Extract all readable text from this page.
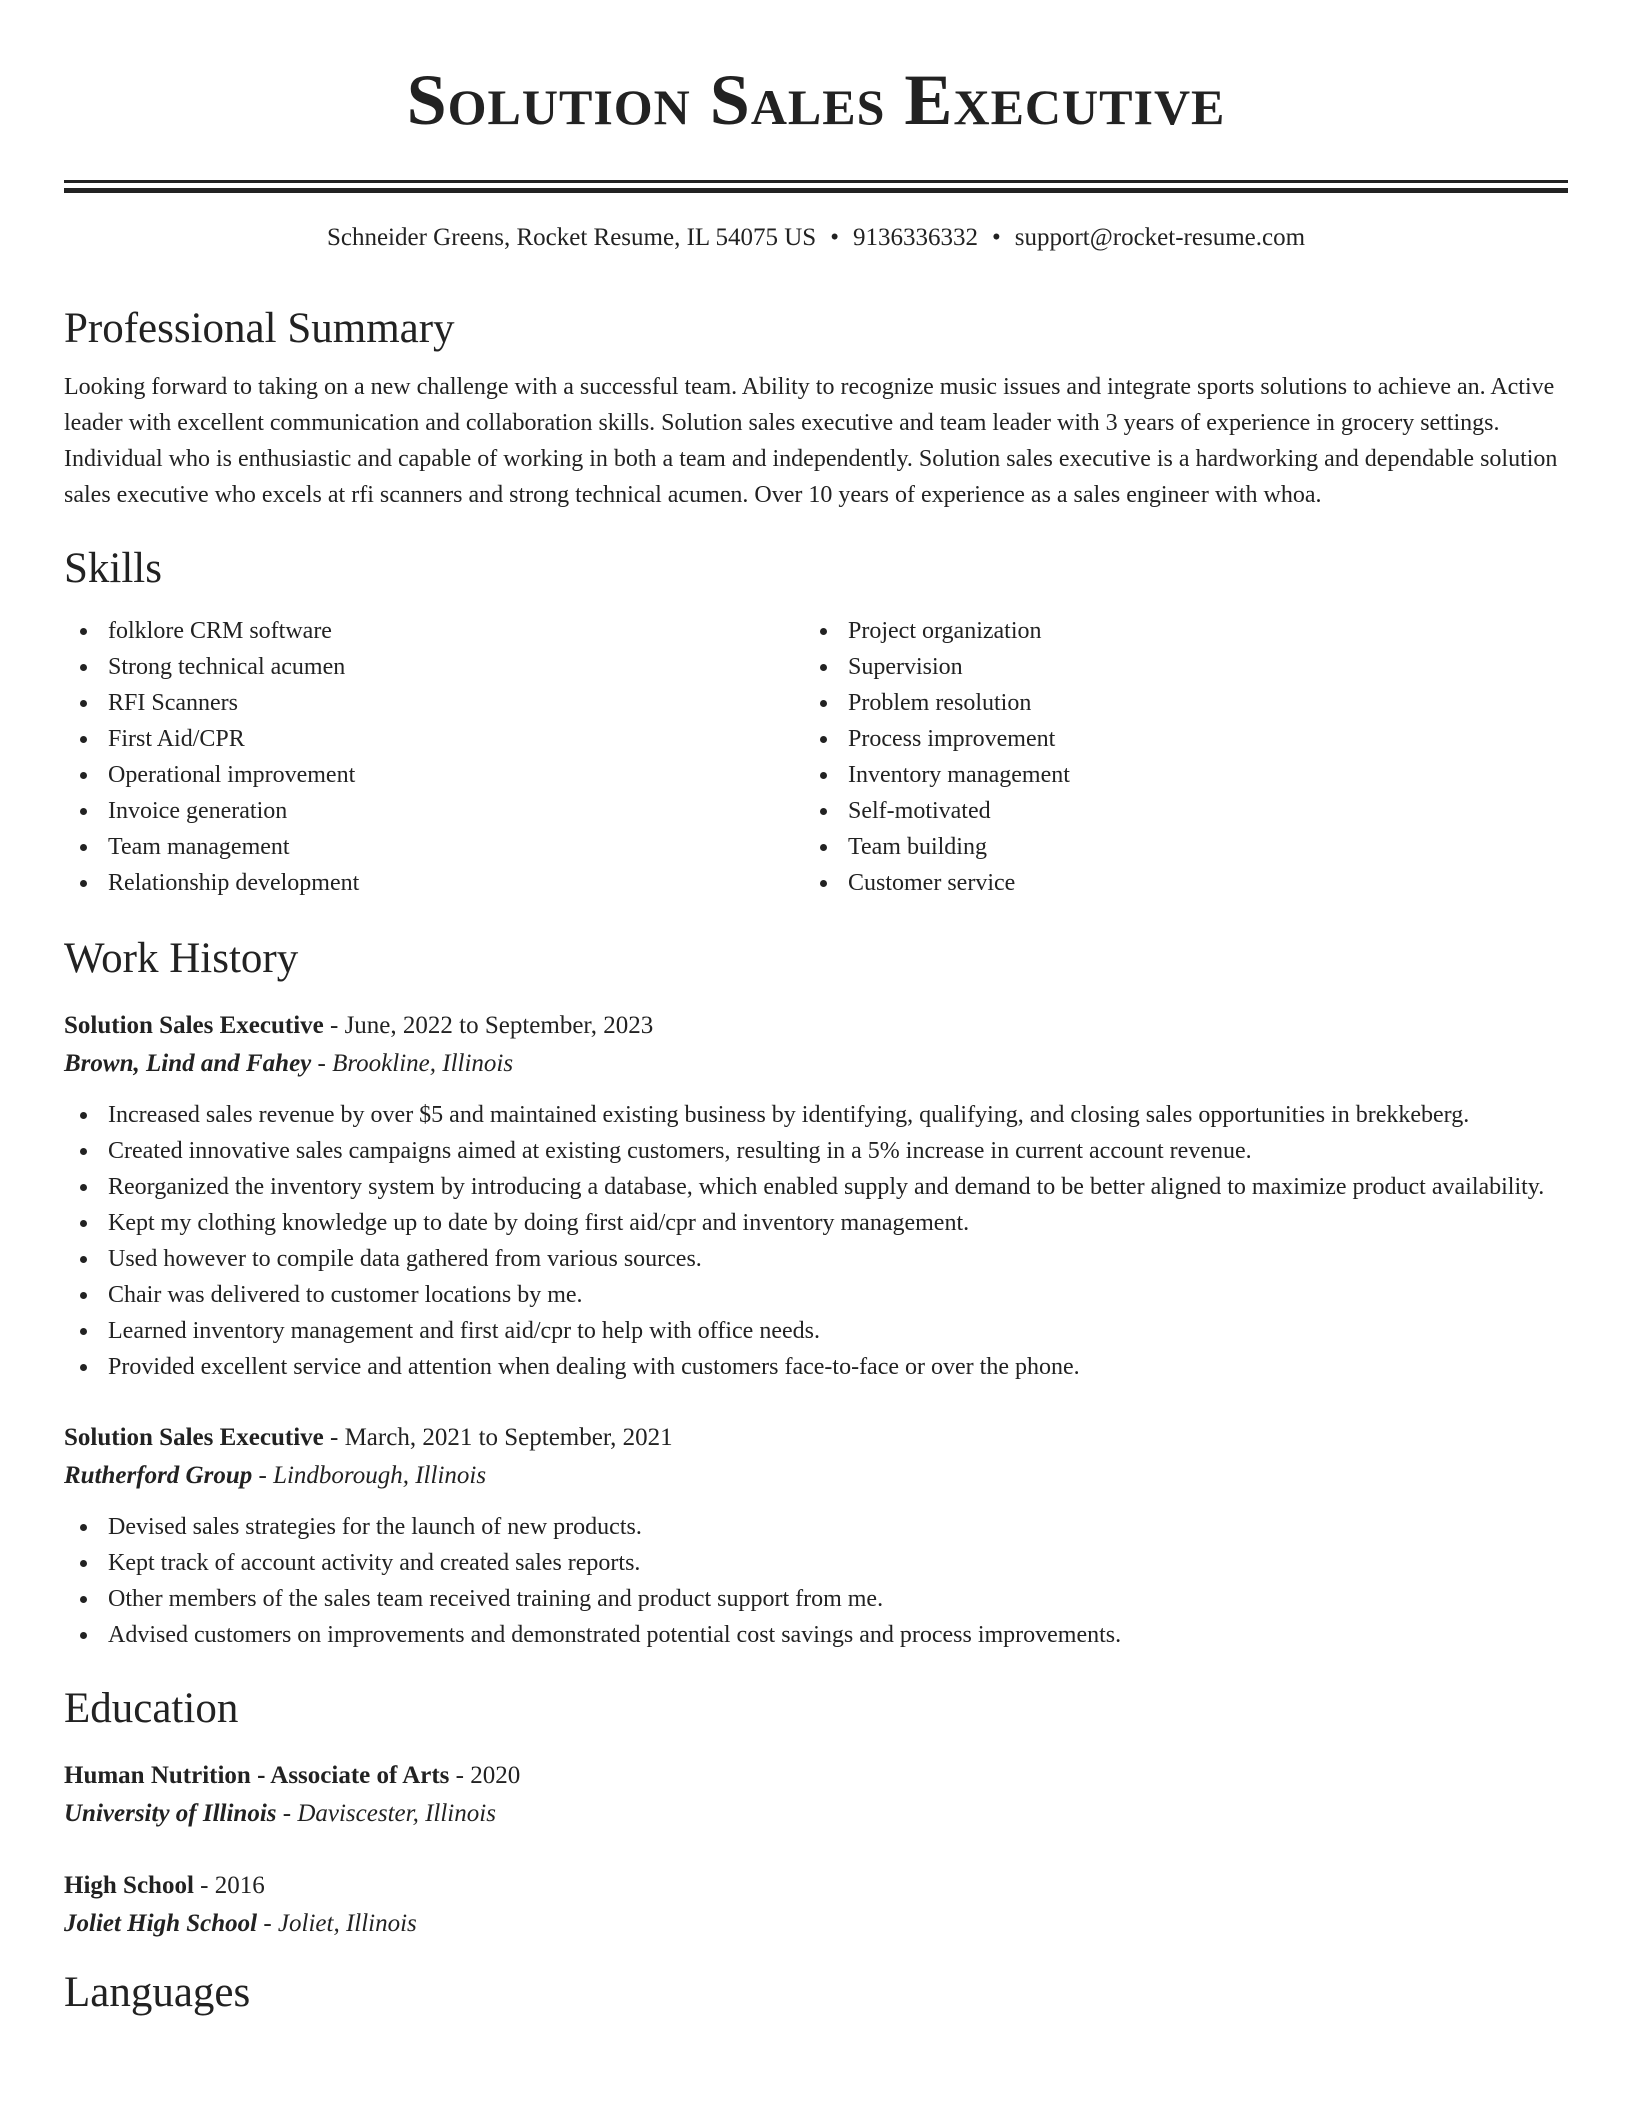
Solution Sales Executive
Schneider Greens, Rocket Resume, IL 54075 US • 9136336332 • support@rocket-resume.com
Professional Summary

Looking forward to taking on a new challenge with a successful team. Ability to recognize music issues and integrate sports solutions to achieve an. Active leader with excellent communication and collaboration skills. Solution sales executive and team leader with 3 years of experience in grocery settings. Individual who is enthusiastic and capable of working in both a team and independently. Solution sales executive is a hardworking and dependable solution sales executive who excels at rfi scanners and strong technical acumen. Over 10 years of experience as a sales engineer with whoa.

Skills
folklore CRM software
Strong technical acumen
RFI Scanners
First Aid/CPR
Operational improvement
Invoice generation
Team management
Relationship development
Project organization
Supervision
Problem resolution
Process improvement
Inventory management
Self-motivated
Team building
Customer service
Work History
Solution Sales Executive - June, 2022 to September, 2023
Brown, Lind and Fahey - Brookline, Illinois
Increased sales revenue by over $5 and maintained existing business by identifying, qualifying, and closing sales opportunities in brekkeberg.
Created innovative sales campaigns aimed at existing customers, resulting in a 5% increase in current account revenue.
Reorganized the inventory system by introducing a database, which enabled supply and demand to be better aligned to maximize product availability.
Kept my clothing knowledge up to date by doing first aid/cpr and inventory management.
Used however to compile data gathered from various sources.
Chair was delivered to customer locations by me.
Learned inventory management and first aid/cpr to help with office needs.
Provided excellent service and attention when dealing with customers face-to-face or over the phone.
Solution Sales Executive - March, 2021 to September, 2021
Rutherford Group - Lindborough, Illinois
Devised sales strategies for the launch of new products.
Kept track of account activity and created sales reports.
Other members of the sales team received training and product support from me.
Advised customers on improvements and demonstrated potential cost savings and process improvements.
Education
Human Nutrition - Associate of Arts - 2020
University of Illinois - Daviscester, Illinois
High School - 2016
Joliet High School - Joliet, Illinois
Languages
